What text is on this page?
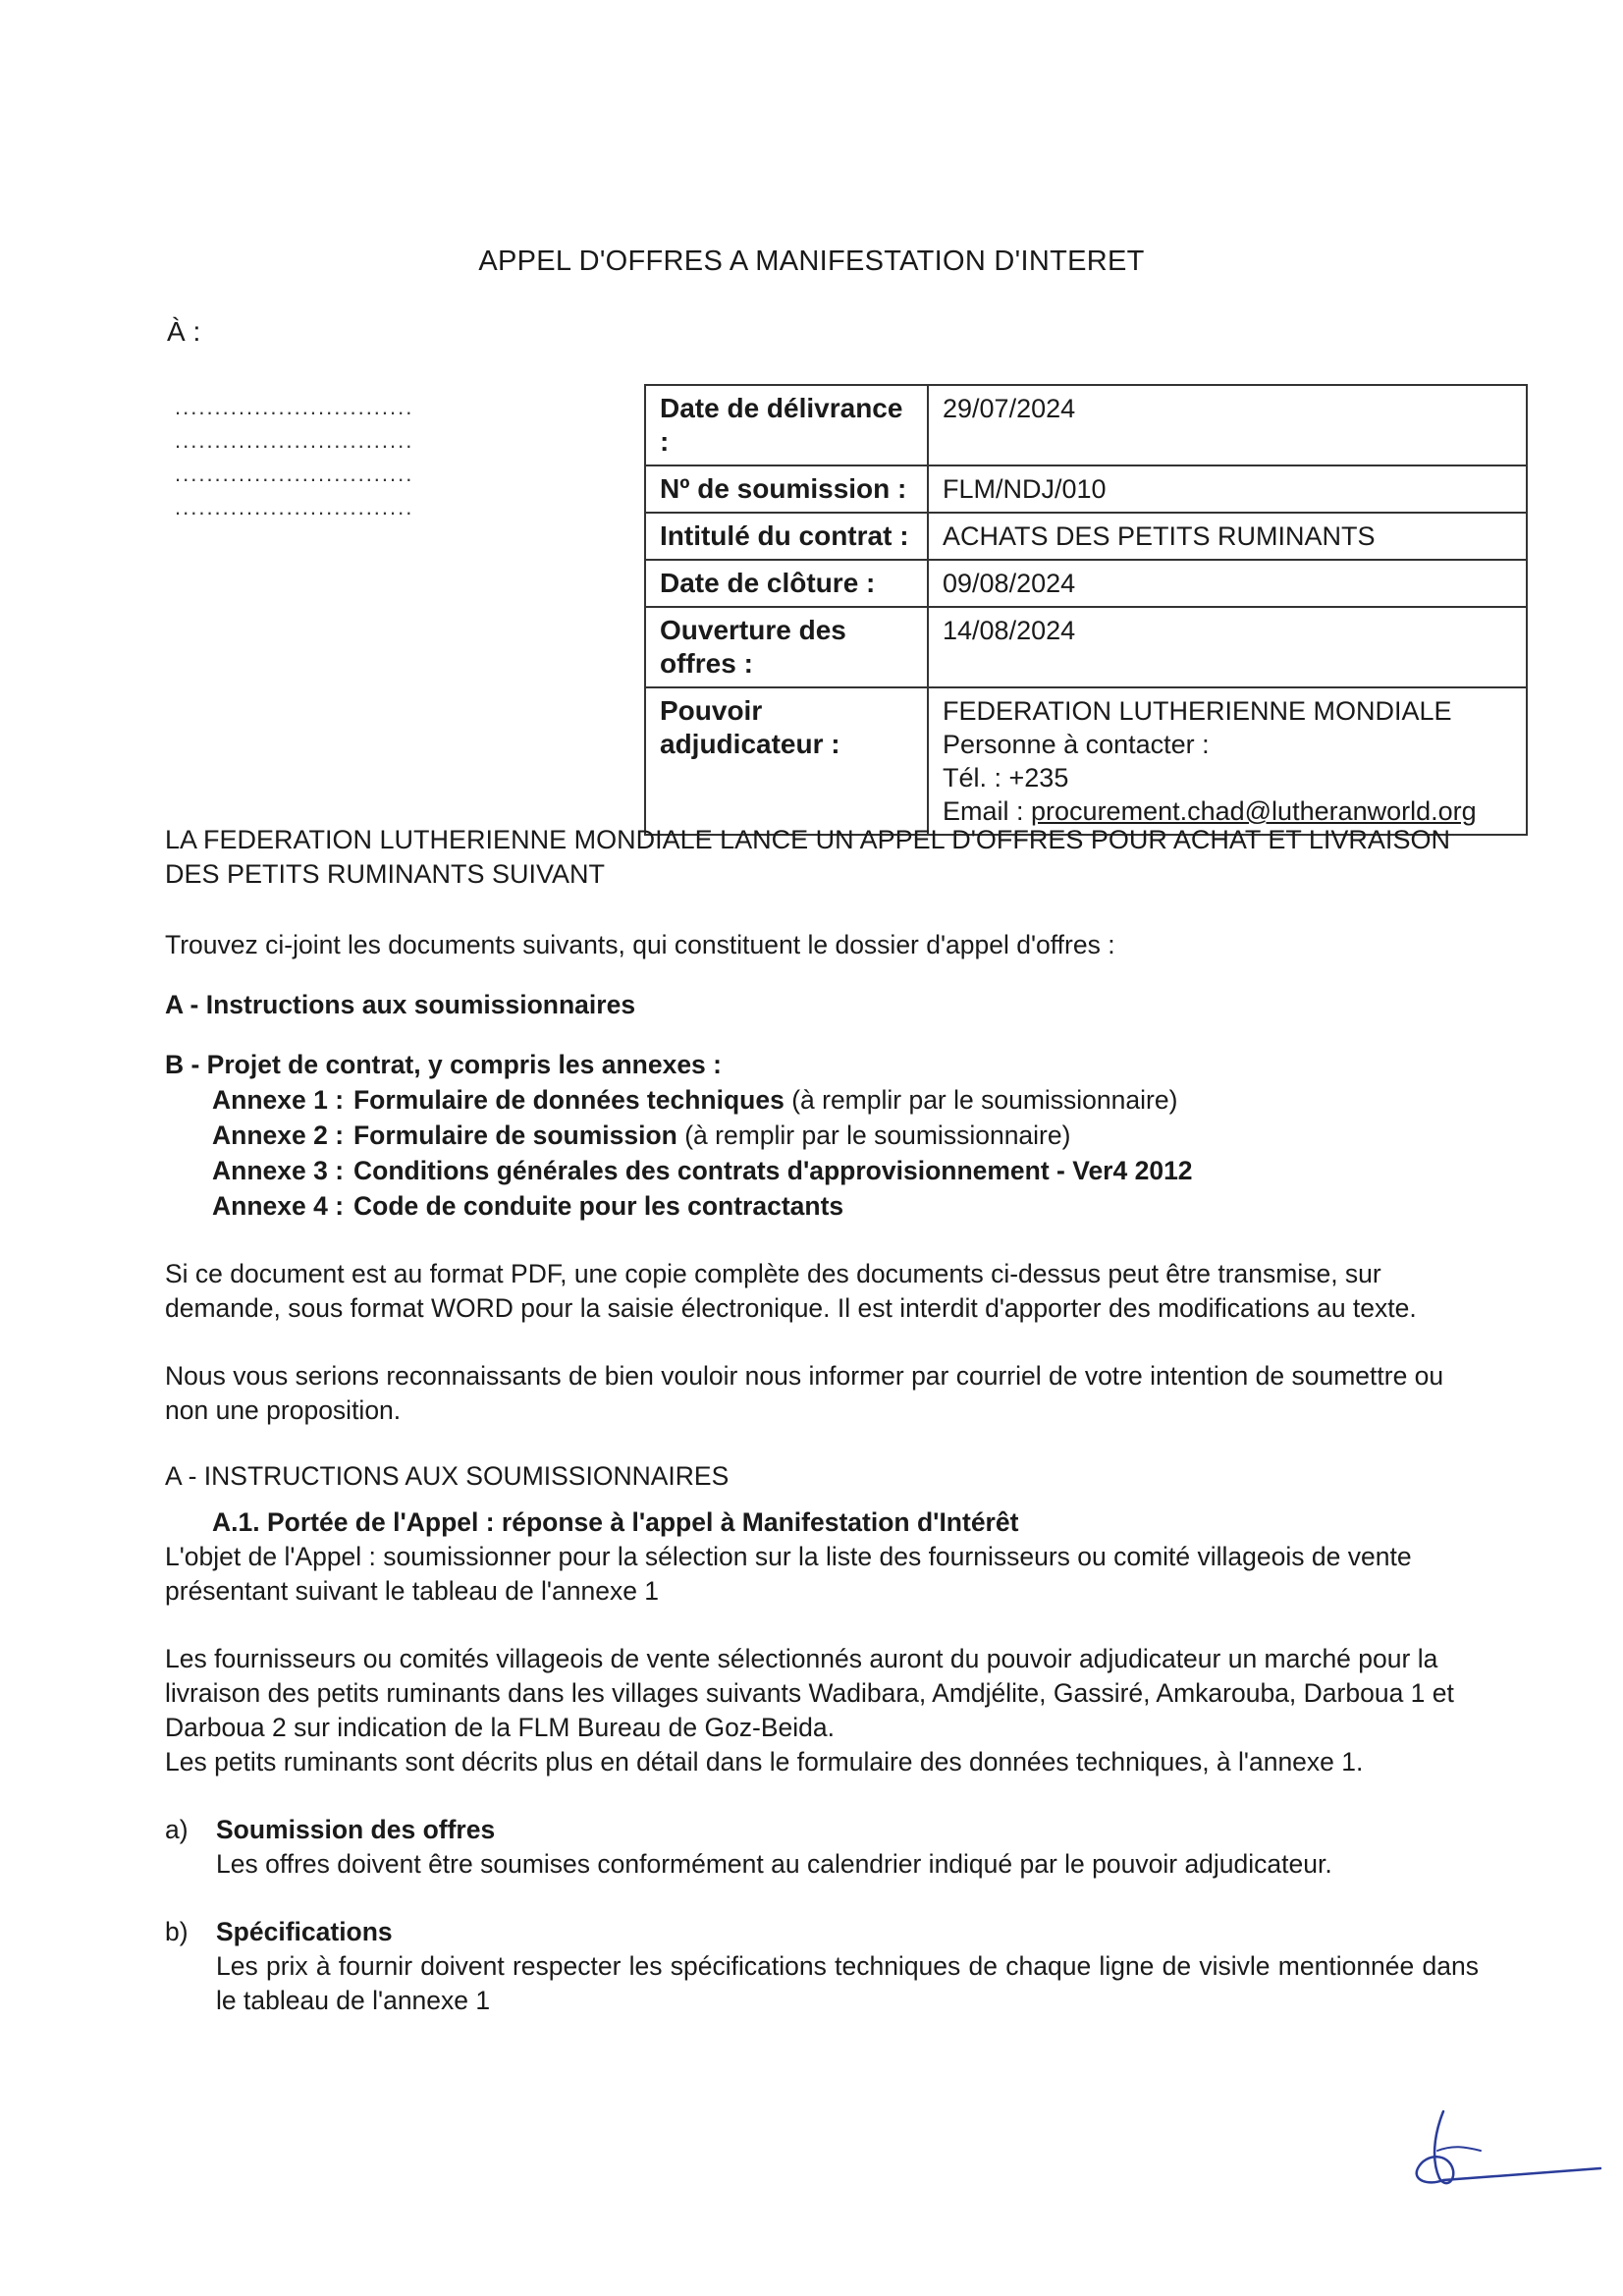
APPEL D'OFFRES A MANIFESTATION D'INTERET
À :
..............................
..............................
..............................
..............................
Date de délivrance :	29/07/2024
Nº de soumission :	FLM/NDJ/010
Intitulé du contrat :	ACHATS DES PETITS RUMINANTS
Date de clôture :	09/08/2024
Ouverture des offres :	14/08/2024
Pouvoir adjudicateur :	FEDERATION LUTHERIENNE MONDIALE
Personne à contacter :
Tél. : +235
Email : procurement.chad@lutheranworld.org

LA FEDERATION LUTHERIENNE MONDIALE LANCE UN APPEL D'OFFRES POUR ACHAT ET LIVRAISON DES PETITS RUMINANTS SUIVANT

Trouvez ci-joint les documents suivants, qui constituent le dossier d'appel d'offres :

A - Instructions aux soumissionnaires

B - Projet de contrat, y compris les annexes :

Annexe 1 : Formulaire de données techniques (à remplir par le soumissionnaire)
Annexe 2 : Formulaire de soumission (à remplir par le soumissionnaire)
Annexe 3 : Conditions générales des contrats d'approvisionnement - Ver4 2012
Annexe 4 : Code de conduite pour les contractants

Si ce document est au format PDF, une copie complète des documents ci-dessus peut être transmise, sur demande, sous format WORD pour la saisie électronique. Il est interdit d'apporter des modifications au texte.

Nous vous serions reconnaissants de bien vouloir nous informer par courriel de votre intention de soumettre ou non une proposition.

A - INSTRUCTIONS AUX SOUMISSIONNAIRES

A.1. Portée de l'Appel : réponse à l'appel à Manifestation d'Intérêt

L'objet de l'Appel : soumissionner pour la sélection sur la liste des fournisseurs ou comité villageois de vente présentant suivant le tableau de l'annexe 1

Les fournisseurs ou comités villageois de vente sélectionnés auront du pouvoir adjudicateur un marché pour la livraison des petits ruminants dans les villages suivants Wadibara, Amdjélite, Gassiré, Amkarouba, Darboua 1 et Darboua 2 sur indication de la FLM Bureau de Goz-Beida.

Les petits ruminants sont décrits plus en détail dans le formulaire des données techniques, à l'annexe 1.

a)	Soumission des offres
Les offres doivent être soumises conformément au calendrier indiqué par le pouvoir adjudicateur.
b)	Spécifications
Les prix à fournir doivent respecter les spécifications techniques de chaque ligne de visivle mentionnée dans le tableau de l'annexe 1
